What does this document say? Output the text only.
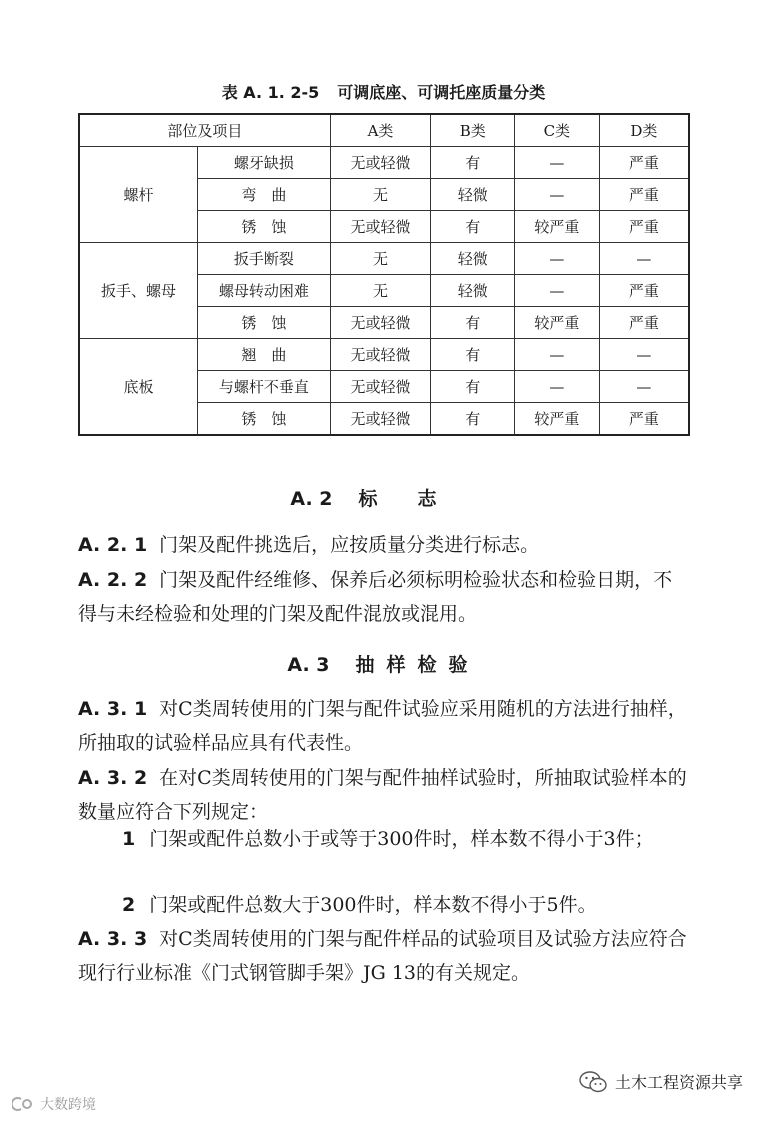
表 A. 1. 2-5 可调底座、可调托座质量分类
部位及项目		A类	B类	C类	D类
螺杆	螺牙缺损	无或轻微	有	—	严重
	弯　曲	无	轻微	—	严重
	锈　蚀	无或轻微	有	较严重	严重
扳手、螺母	扳手断裂	无	轻微	—	—
	螺母转动困难	无	轻微	—	严重
	锈　蚀	无或轻微	有	较严重	严重
底板	翘　曲	无或轻微	有	—	—
	与螺杆不垂直	无或轻微	有	—	—
	锈　蚀	无或轻微	有	较严重	严重
A. 2 标志
A. 2. 1 门架及配件挑选后，应按质量分类进行标志。
A. 2. 2 门架及配件经维修、保养后必须标明检验状态和检验日期，不得与未经检验和处理的门架及配件混放或混用。
A. 3 抽样检验
A. 3. 1 对C类周转使用的门架与配件试验应采用随机的方法进行抽样，所抽取的试验样品应具有代表性。
A. 3. 2 在对C类周转使用的门架与配件抽样试验时，所抽取试验样本的数量应符合下列规定：
1 门架或配件总数小于或等于300件时，样本数不得小于3件；
2 门架或配件总数大于300件时，样本数不得小于5件。
A. 3. 3 对C类周转使用的门架与配件样品的试验项目及试验方法应符合现行行业标准《门式钢管脚手架》JG 13的有关规定。
土木工程资源共享
大数跨境
